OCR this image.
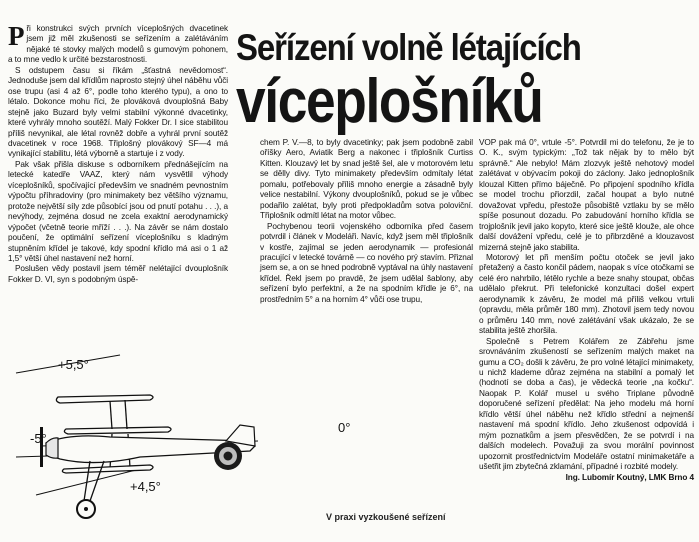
Seřízení volně létajících
víceplošníků

Při konstrukci svých prvních víceplošných dvacetinek jsem již měl zkušenosti se seřízením a zalétáváním nějaké té stovky malých modelů s gumovým pohonem, a to mne vedlo k určité bezstarostnosti.

S odstupem času si říkám „šťastná nevědomost“. Jednoduše jsem dal křídlům naprosto stejný úhel náběhu vůči ose trupu (asi 4 až 6°, podle toho kterého typu), a ono to létalo. Dokonce mohu říci, že plováková dvouplošná Baby stejně jako Buzard byly velmi stabilní výkonné dvacetinky, které vyhrály mnoho soutěží. Malý Fokker Dr. I sice stabilitou příliš nevynikal, ale létal rovněž dobře a vyhrál první soutěž dvacetinek v roce 1968. Třiplošný plovákový SF—4 má vynikající stabilitu, létá výborně a startuje i z vody.

Pak však přišla diskuse s odborníkem přednášejícím na letecké katedře VAAZ, který nám vysvětlil výhody víceplošníků, spočívající především ve snadném pevnostním výpočtu příhradoviny (pro minimakety bez většího významu, protože největší síly zde působící jsou od pnutí potahu . . .), a nevýhody, zejména dosud ne zcela exaktní aerodynamický výpočet (včetně teorie mříží . . .). Na závěr se nám dostalo poučení, že optimální seřízení víceplošníku s kladným stupněním křídel je takové, kdy spodní křídlo má asi o 1 až 1,5° větší úhel nastavení než horní.

Poslušen vědy postavil jsem téměř nelétající dvouplošník Fokker D. VI, syn s podobným úspě-

chem P. V.—8, to byly dvacetinky; pak jsem podobně zabil oříšky Aero, Aviatik Berg a nakonec i třiplošník Curtiss Kitten. Klouzavý let by snad ještě šel, ale v motorovém letu se dělly divy. Tyto minimakety především odmítaly létat pomalu, potřebovaly příliš mnoho energie a zásadně byly velice nestabilní. Výkony dvouplošníků, pokud se je vůbec podařilo zalétat, byly proti předpokladům sotva poloviční. Třiplošník odmítl létat na motor vůbec.

Pochybenou teorii vojenského odborníka před časem potvrdil i článek v Modeláři. Navíc, když jsem měl třiplošník v kostře, zajímal se jeden aerodynamik — profesionál pracující v letecké továrně — co nového prý stavím. Přiznal jsem se, a on se hned podrobně vyptával na úhly nastavení křídel. Řekl jsem po pravdě, že jsem udělal šablony, aby seřízení bylo perfektní, a že na spodním křídle je 6°, na prostředním 5° a na horním 4° vůči ose trupu,

VOP pak má 0°, vrtule -5°. Potvrdil mi do telefonu, že je to O. K., svým typickým: „Tož tak nějak by to mělo být správně.“ Ale nebylo! Mám zlozvyk ještě nehotový model zalétávat v obývacím pokoji do záclony. Jako jednoplošník klouzal Kitten přímo báječně. Po připojení spodního křídla se model trochu přiorzdil, začal houpat a bylo nutné dovažovat vpředu, přestože působiště vztlaku by se mělo spíše posunout dozadu. Po zabudování horního křídla se trojplošník jevil jako kopyto, které sice ještě klouže, ale ohce další dovážení vpředu, celé je to přibrzděné a klouzavost mizerná stejně jako stabilita.

Motorový let při menším počtu otoček se jevil jako přetažený a často končil pádem, naopak s více otočkami se celé éro nahrbilo, létělo rychle a beze snahy stoupat, občas udělalo překrut. Při telefonické konzultaci došel expert aerodynamik k závěru, že model má příliš velkou vrtuli (opravdu, měla průměr 180 mm). Zhotovil jsem tedy novou o průměru 140 mm, nové zalétávání však ukázalo, že se stabilita ještě zhoršila.

Společně s Petrem Kolářem ze Zábřehu jsme srovnáváním zkušeností se seřízením malých maket na gumu a CO₂ došli k závěru, že pro volné létající minimakety, u nichž klademe důraz zejména na stabilní a pomalý let (hodnotí se doba a čas), je vědecká teorie „na kočku“. Naopak P. Kolář musel u svého Triplane původně doporučené seřízení předělat: Na jeho modelu má horní křídlo větší úhel náběhu než křídlo střední a nejmenší nastavení má spodní křídlo. Jeho zkušenost odpovídá i mým poznatkům a jsem přesvědčen, že se potvrdí i na dalších modelech. Považuji za svou morální povinnost upozornit prostřednictvím Modeláře ostatní minimaketáře a ušetřit jim zbytečná zklamání, případné i rozbité modely.

Ing. Lubomír Koutný, LMK Brno 4

+5,5°
-5°
+4,5°
0°
V praxi vyzkoušené seřízení
